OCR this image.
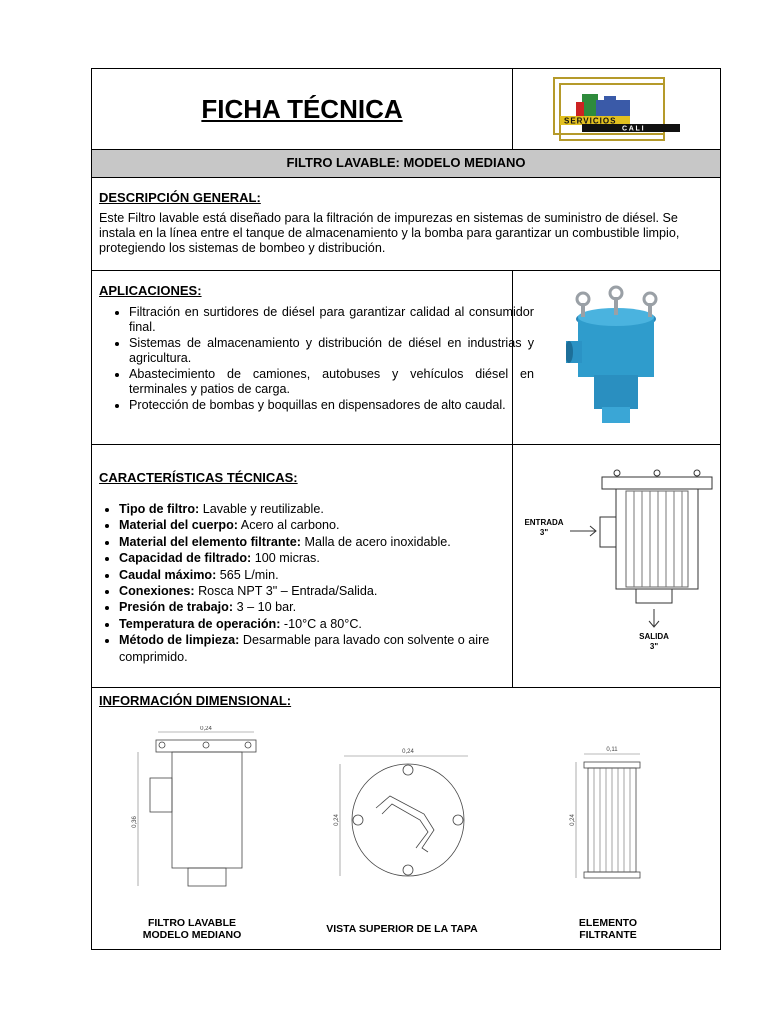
FICHA TÉCNICA	SERVICIOS
C A L I
FILTRO LAVABLE: MODELO MEDIANO
DESCRIPCIÓN GENERAL:
Este Filtro lavable está diseñado para la filtración de impurezas en sistemas de suministro de diésel. Se instala en la línea entre el tanque de almacenamiento y la bomba para garantizar un combustible limpio, protegiendo los sistemas de bombeo y distribución.
APLICACIONES:
• Filtración en surtidores de diésel para garantizar calidad al consumidor final.
• Sistemas de almacenamiento y distribución de diésel en industrias y agricultura.
• Abastecimiento de camiones, autobuses y vehículos diésel en terminales y patios de carga.
• Protección de bombas y boquillas en dispensadores de alto caudal.
CARACTERÍSTICAS TÉCNICAS:
• Tipo de filtro: Lavable y reutilizable.
• Material del cuerpo: Acero al carbono.
• Material del elemento filtrante: Malla de acero inoxidable.
• Capacidad de filtrado: 100 micras.
• Caudal máximo: 565 L/min.
• Conexiones: Rosca NPT 3" – Entrada/Salida.
• Presión de trabajo: 3 – 10 bar.
• Temperatura de operación: -10°C a 80°C.
• Método de limpieza: Desarmable para lavado con solvente o aire comprimido.
ENTRADA
3"
SALIDA
3"
INFORMACIÓN DIMENSIONAL:
0,24
0,36
0,24
0,24
0,11
0,24
FILTRO LAVABLE
MODELO MEDIANO	VISTA SUPERIOR DE LA TAPA	ELEMENTO
FILTRANTE
